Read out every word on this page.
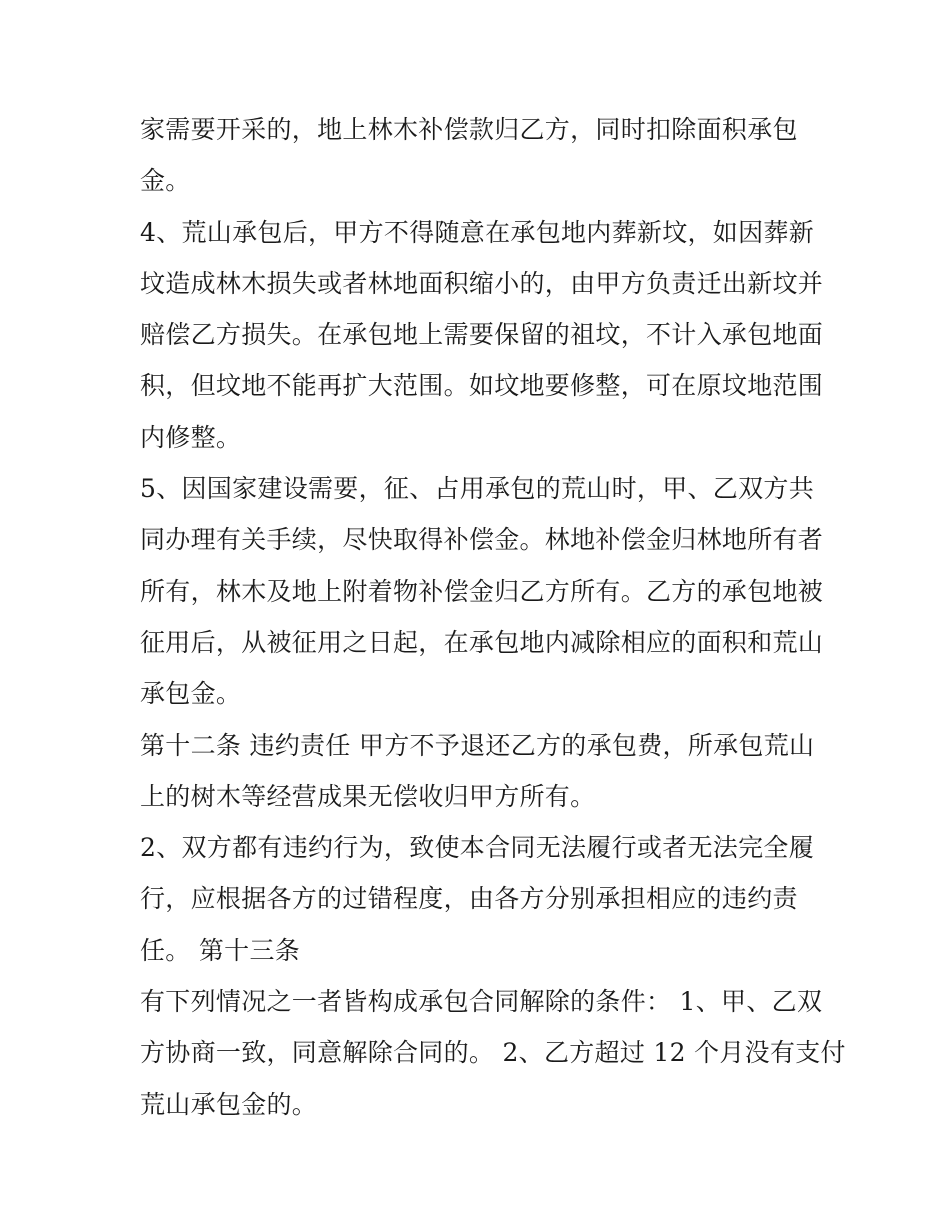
家需要开采的，地上林木补偿款归乙方，同时扣除面积承包
金。
4、荒山承包后，甲方不得随意在承包地内葬新坟，如因葬新
坟造成林木损失或者林地面积缩小的，由甲方负责迁出新坟并
赔偿乙方损失。在承包地上需要保留的祖坟，不计入承包地面
积，但坟地不能再扩大范围。如坟地要修整，可在原坟地范围
内修整。
5、因国家建设需要，征、占用承包的荒山时，甲、乙双方共
同办理有关手续，尽快取得补偿金。林地补偿金归林地所有者
所有，林木及地上附着物补偿金归乙方所有。乙方的承包地被
征用后，从被征用之日起，在承包地内减除相应的面积和荒山
承包金。
第十二条 违约责任 甲方不予退还乙方的承包费，所承包荒山
上的树木等经营成果无偿收归甲方所有。
2、双方都有违约行为，致使本合同无法履行或者无法完全履
行，应根据各方的过错程度，由各方分别承担相应的违约责
任。 第十三条
有下列情况之一者皆构成承包合同解除的条件： 1、甲、乙双
方协商一致，同意解除合同的。 2、乙方超过 12 个月没有支付
荒山承包金的。
